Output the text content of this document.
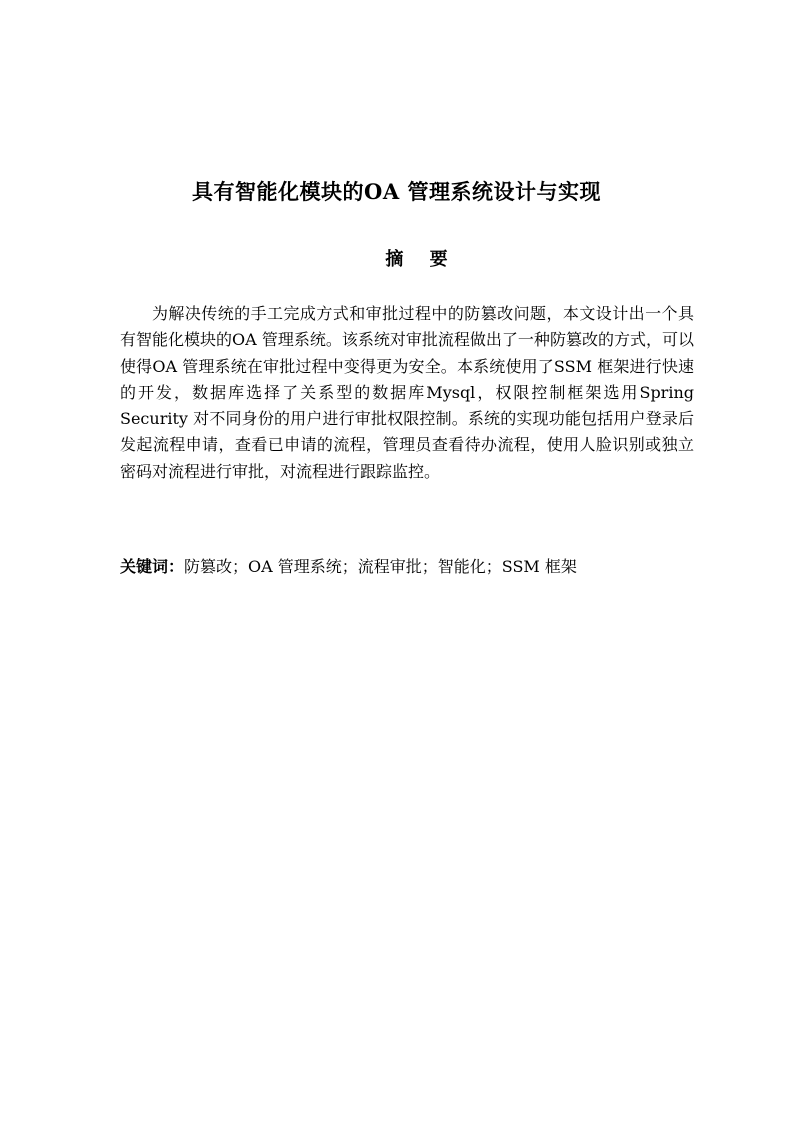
具有智能化模块的OA 管理系统设计与实现
摘 要

为解决传统的手工完成方式和审批过程中的防篡改问题，本文设计出一个具有智能化模块的OA 管理系统。该系统对审批流程做出了一种防篡改的方式，可以使得OA 管理系统在审批过程中变得更为安全。本系统使用了SSM 框架进行快速的开发，数据库选择了关系型的数据库Mysql，权限控制框架选用Spring Security 对不同身份的用户进行审批权限控制。系统的实现功能包括用户登录后发起流程申请，查看已申请的流程，管理员查看待办流程，使用人脸识别或独立密码对流程进行审批，对流程进行跟踪监控。

关键词：防篡改；OA 管理系统；流程审批；智能化；SSM 框架
